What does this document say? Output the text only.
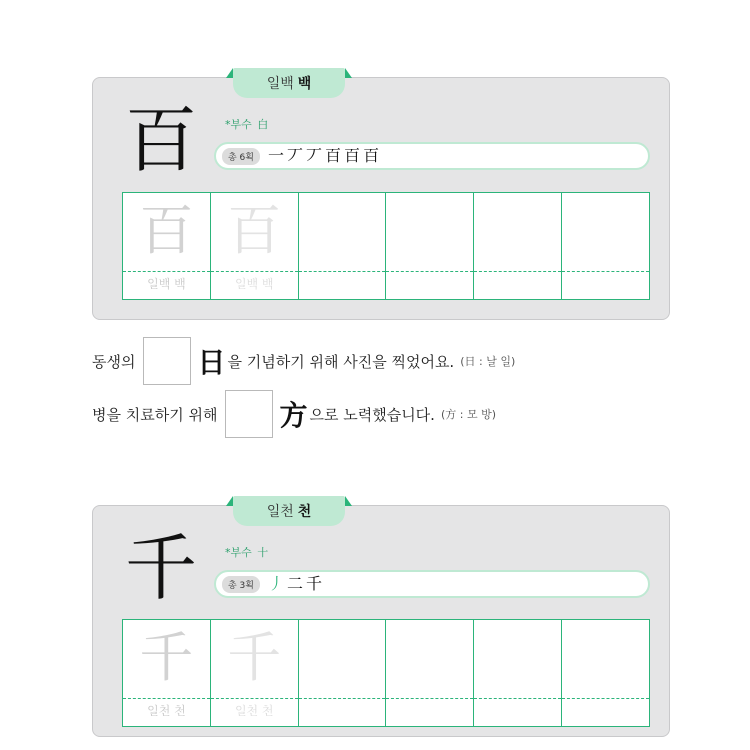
일백 백
百	*부수 白
총 6획 一 丆 丆 百 百 百
百
일백 백
百
일백 백
동생의 日 을 기념하기 위해 사진을 찍었어요. (日 : 날 일)
병을 치료하기 위해 方 으로 노력했습니다. (方 : 모 방)
일천 천
千	*부수 十
총 3획 丿 二 千
千
일천 천
千
일천 천
